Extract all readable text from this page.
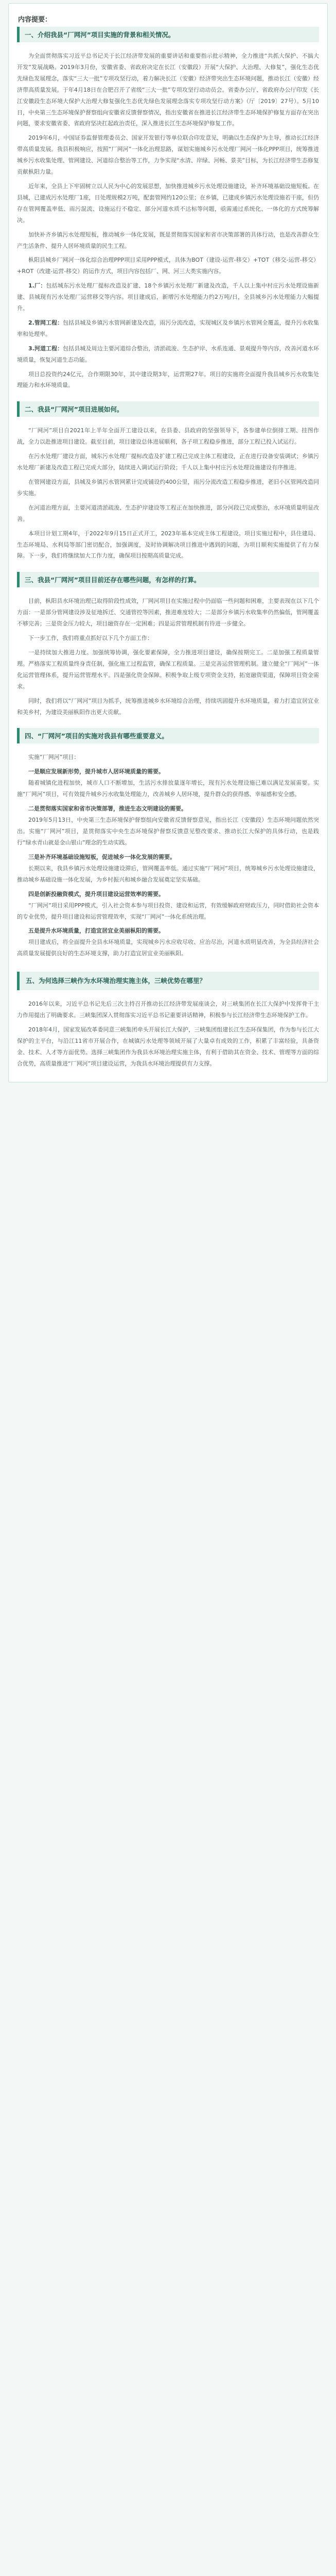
内容提要：
一、介绍我县“厂网河”项目实施的背景和相关情况。

为全面贯彻落实习近平总书记关于长江经济带发展的重要讲话和重要指示批示精神，全力推进“共抓大保护、不搞大开发”发展战略。2019年3月份，安徽省委、省政府决定在长江（安徽段）开展“大保护、大治理、大修复”，强化生态优先绿色发展理念，落实“三大一批”专项攻坚行动，着力解决长江（安徽）经济带突出生态环境问题，推动长江（安徽）经济带高质量发展。于年4月18日在合肥召开了省级“三大一批”专项攻坚行动动员会。省委办公厅、省政府办公厅印发《长江安徽段生态环境大保护大治理大修复强化生态优先绿色发展理念落实专项攻坚行动方案》（厅〔2019〕27号）。5月10日，中央第三生态环境保护督察组向安徽省反馈督察情况，指出安徽省在推进长江经济带生态环境保护修复方面存在突出问题，要求安徽省委、省政府坚决扛起政治责任，深入推进长江生态环境保护修复工作。

2019年6月，中国证券监督管理委员会、国家开发银行等单位联合印发意见，明确以生态保护为主导，推动长江经济带高质量发展。我县积极响应，按照“厂网河”一体化治理思路，谋划实施城乡污水处理厂网河一体化PPP项目，统筹推进城乡污水收集处理、管网建设、河道综合整治等工作，力争实现“水清、岸绿、河畅、景美”目标，为长江经济带生态修复贡献枞阳力量。

近年来，全县上下牢固树立以人民为中心的发展思想，加快推进城乡污水处理设施建设，补齐环境基础设施短板。在县城，已建成污水处理厂1座，日处理规模2万吨，配套管网约120公里；在乡镇，已建成乡镇污水处理设施若干座，但仍存在管网覆盖率低、雨污混流、设施运行不稳定、部分河道水质不达标等问题，亟需通过系统化、一体化的方式统筹解决。

加快补齐乡镇污水处理短板，推动城乡一体化发展，既是贯彻落实国家和省市决策部署的具体行动，也是改善群众生产生活条件、提升人居环境质量的民生工程。

枞阳县城乡厂网河一体化综合治理PPP项目采用PPP模式，具体为BOT（建设-运营-移交）+TOT（移交-运营-移交）+ROT（改建-运营-移交）的运作方式，项目内容包括厂、网、河三大类实施内容。

1.厂：包括城东污水处理厂提标改造及扩建、18个乡镇污水处理厂新建及改造，千人以上集中村庄污水处理设施新建、县城现有污水处理厂运营移交等内容。项目建成后，新增污水处理能力约2万吨/日，全县城乡污水处理能力大幅提升。

2.管网工程：包括县城及乡镇污水管网新建及改造，雨污分流改造，实现城区及乡镇污水管网全覆盖，提升污水收集率和处理率。

3.河道工程：包括县城及周边主要河道综合整治，清淤疏浚、生态护岸、水系连通、景观提升等内容，改善河道水环境质量，恢复河道生态功能。

项目总投资约24亿元，合作期限30年，其中建设期3年，运营期27年。项目的实施将全面提升我县城乡污水收集处理能力和水环境质量。

二、我县“厂网河”项目进展如何。

“厂网河”项目自2021年上半年全面开工建设以来，在县委、县政府的坚强领导下，各参建单位倒排工期、挂图作战，全力以赴推进项目建设。截至目前，项目建设总体进展顺利，各子项工程稳步推进，部分工程已投入试运行。

在污水处理厂建设方面，城东污水处理厂提标改造及扩建工程已完成主体工程建设，正在进行设备安装调试；乡镇污水处理厂新建及改造工程已完成大部分，陆续进入调试运行阶段；千人以上集中村庄污水处理设施建设有序推进。

在管网建设方面，县城及乡镇污水管网累计完成铺设约400公里，雨污分流改造工程稳步推进，老旧小区管网改造同步实施。

在河道治理方面，主要河道清淤疏浚、生态护岸建设等工程正在加快推进，部分河段已完成整治，水环境质量明显改善。

本项目计划工期4年，于2022年9月15日正式开工，2023年基本完成主体工程建设。项目实施过程中，县住建局、生态环境局、水利局等部门密切配合，加强调度，及时协调解决项目推进中遇到的问题，为项目顺利实施提供了有力保障。下一步，我们将继续加大工作力度，确保项目按期高质量完成。

三、我县“厂网河”项目目前还存在哪些问题，有怎样的打算。

目前，枞阳县水环境治理已取得阶段性成效，厂网河项目在实施过程中仍面临一些问题和困难，主要表现在以下几个方面：一是部分管网建设涉及征地拆迁、交通管控等因素，推进难度较大；二是部分乡镇污水收集率仍然偏低，管网覆盖不够完善；三是资金压力较大，项目融资存在一定困难；四是运营管理机制有待进一步健全。

下一步工作，我们将重点抓好以下几个方面工作：

一是持续加大推进力度。加强统筹协调，强化要素保障，全力推进项目建设，确保按期完工。二是加强工程质量管理。严格落实工程质量终身责任制，强化施工过程监管，确保工程质量。三是完善运营管理机制。建立健全“厂网河”一体化运营管理体系，提升运营管理水平。四是强化资金保障。积极争取上级专项资金支持，拓宽融资渠道，保障项目资金需求。

同时，我们将以“厂网河”项目为抓手，统筹推进城乡水环境综合治理，持续巩固提升水环境质量，着力打造宜居宜业和美乡村，为建设美丽枞阳作出更大贡献。

四、“厂网河”项目的实施对我县有哪些重要意义。

实施“厂网河”项目：

一是顺应发展新形势，提升城市人居环境质量的需要。

随着城镇化进程加快，城市人口不断增加，生活污水排放量逐年增长，现有污水处理设施已难以满足发展需要。实施“厂网河”项目，可有效提升城乡污水收集处理能力，改善城乡人居环境，提升群众的获得感、幸福感和安全感。

二是贯彻落实国家和省市决策部署，推进生态文明建设的需要。

2019年5月13日，中央第三生态环境保护督察组向安徽省反馈督察意见，指出长江（安徽段）生态环境问题依然突出。实施“厂网河”项目，是贯彻落实中央生态环境保护督察反馈意见整改要求、推动长江大保护的具体行动，也是践行“绿水青山就是金山银山”理念的生动实践。

三是补齐环境基础设施短板，促进城乡一体化发展的需要。

长期以来，我县乡镇污水处理设施建设滞后，管网覆盖率低。通过实施“厂网河”项目，统筹城乡污水处理设施建设，推动城乡基础设施一体化发展，为乡村振兴和城乡融合发展奠定坚实基础。

四是创新投融资模式，提升项目建设运营效率的需要。

“厂网河”项目采用PPP模式，引入社会资本参与项目投资、建设和运营，有效缓解政府财政压力，同时借助社会资本的专业优势，提升项目建设和运营管理效率，实现“厂网河”一体化系统治理。

五是提升水环境质量，打造宜居宜业美丽枞阳的需要。

项目建成后，将全面提升全县水环境质量，实现城乡污水应收尽收、应治尽治，河道水质明显改善，为全县经济社会高质量发展提供良好的生态环境支撑，助力打造宜居宜业美丽枞阳。

五、为何选择三峡作为水环境治理实施主体，三峡优势在哪里？

2016年以来，习近平总书记先后三次主持召开推动长江经济带发展座谈会，对三峡集团在长江大保护中发挥骨干主力作用提出了明确要求。三峡集团深入贯彻落实习近平总书记重要讲话精神，积极参与长江经济带生态环境保护工作。

2018年4月，国家发展改革委同意三峡集团牵头开展长江大保护，三峡集团组建长江生态环保集团，作为参与长江大保护的主平台，与沿江11省市开展合作，在城镇污水处理等领域开展了大量卓有成效的工作，积累了丰富经验，具备资金、技术、人才等方面优势。选择三峡集团作为我县水环境治理实施主体，有利于借助其在资金、技术、管理等方面的综合优势，高质量推进“厂网河”项目建设运营，为我县水环境治理提供有力支撑。
